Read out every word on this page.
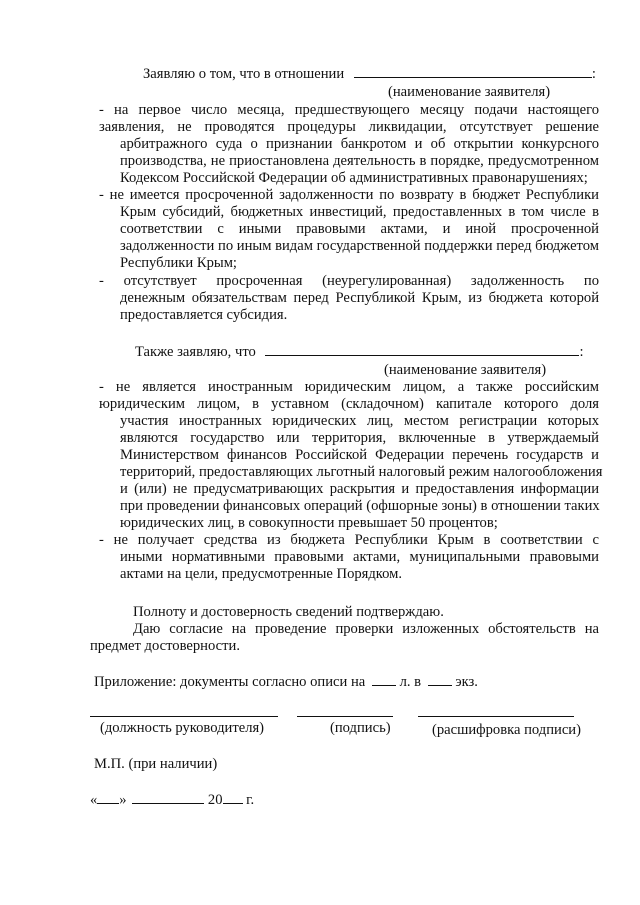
Заявляю о том, что в отношении	:
(наименование заявителя)
- на первое число месяца, предшествующего месяцу подачи настоящего
заявления, не проводятся процедуры ликвидации, отсутствует решение
арбитражного суда о признании банкротом и об открытии конкурсного
производства, не приостановлена деятельность в порядке, предусмотренном
Кодексом Российской Федерации об административных правонарушениях;
- не имеется просроченной задолженности по возврату в бюджет Республики
Крым субсидий, бюджетных инвестиций, предоставленных в том числе в
соответствии с иными правовыми актами, и иной просроченной
задолженности по иным видам государственной поддержки перед бюджетом
Республики Крым;
- отсутствует просроченная (неурегулированная) задолженность по
денежным обязательствам перед Республикой Крым, из бюджета которой
предоставляется субсидия.
Также заявляю, что	:
(наименование заявителя)
- не является иностранным юридическим лицом, а также российским
юридическим лицом, в уставном (складочном) капитале которого доля
участия иностранных юридических лиц, местом регистрации которых
являются государство или территория, включенные в утверждаемый
Министерством финансов Российской Федерации перечень государств и
территорий, предоставляющих льготный налоговый режим налогообложения
и (или) не предусматривающих раскрытия и предоставления информации
при проведении финансовых операций (офшорные зоны) в отношении таких
юридических лиц, в совокупности превышает 50 процентов;
- не получает средства из бюджета Республики Крым в соответствии с
иными нормативными правовыми актами, муниципальными правовыми
актами на цели, предусмотренные Порядком.
Полноту и достоверность сведений подтверждаю.
Даю согласие на проведение проверки изложенных обстоятельств на
предмет достоверности.
Приложение: документы согласно описи на л. в экз.
(должность руководителя)	(подпись)	(расшифровка подписи)
М.П. (при наличии)
« »	20 г.
